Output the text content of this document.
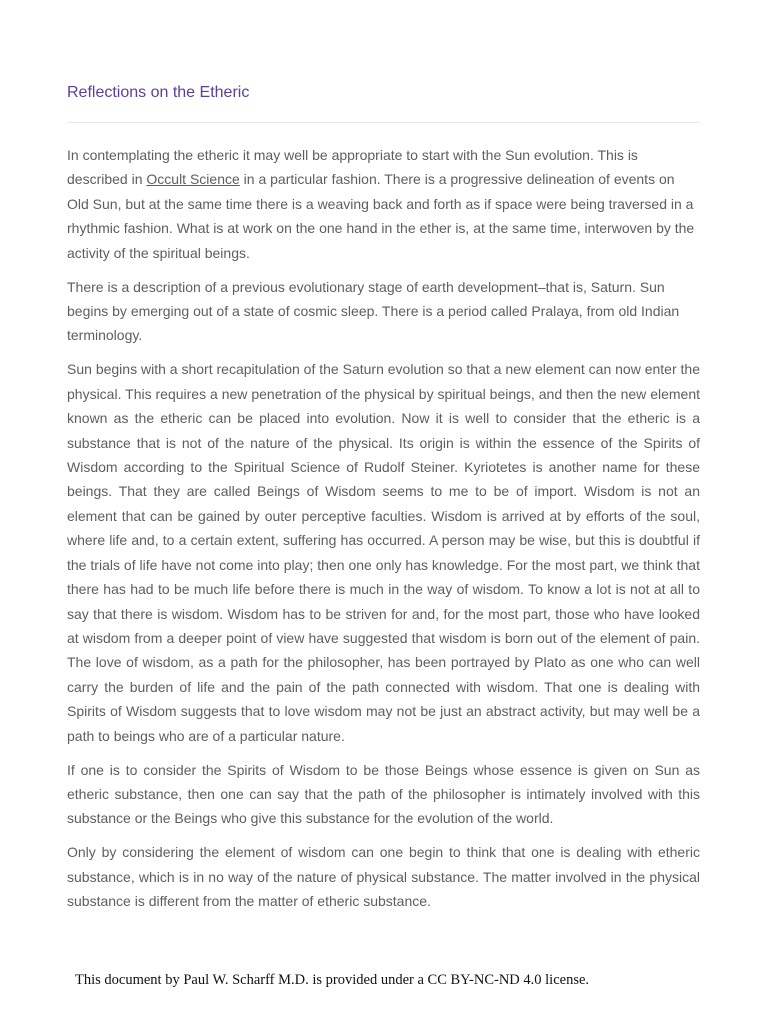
Reflections on the Etheric

In contemplating the etheric it may well be appropriate to start with the Sun evolution. This is described in Occult Science in a particular fashion. There is a progressive delineation of events on Old Sun, but at the same time there is a weaving back and forth as if space were being traversed in a rhythmic fashion. What is at work on the one hand in the ether is, at the same time, interwoven by the activity of the spiritual beings.

There is a description of a previous evolutionary stage of earth development–that is, Saturn. Sun begins by emerging out of a state of cosmic sleep. There is a period called Pralaya, from old Indian terminology.

Sun begins with a short recapitulation of the Saturn evolution so that a new element can now enter the physical. This requires a new penetration of the physical by spiritual beings, and then the new element known as the etheric can be placed into evolution. Now it is well to consider that the etheric is a substance that is not of the nature of the physical. Its origin is within the essence of the Spirits of Wisdom according to the Spiritual Science of Rudolf Steiner. Kyriotetes is another name for these beings. That they are called Beings of Wisdom seems to me to be of import. Wisdom is not an element that can be gained by outer perceptive faculties. Wisdom is arrived at by efforts of the soul, where life and, to a certain extent, suffering has occurred. A person may be wise, but this is doubtful if the trials of life have not come into play; then one only has knowledge. For the most part, we think that there has had to be much life before there is much in the way of wisdom. To know a lot is not at all to say that there is wisdom. Wisdom has to be striven for and, for the most part, those who have looked at wisdom from a deeper point of view have suggested that wisdom is born out of the element of pain. The love of wisdom, as a path for the philosopher, has been portrayed by Plato as one who can well carry the burden of life and the pain of the path connected with wisdom. That one is dealing with Spirits of Wisdom suggests that to love wisdom may not be just an abstract activity, but may well be a path to beings who are of a particular nature.

If one is to consider the Spirits of Wisdom to be those Beings whose essence is given on Sun as etheric substance, then one can say that the path of the philosopher is intimately involved with this substance or the Beings who give this substance for the evolution of the world.

Only by considering the element of wisdom can one begin to think that one is dealing with etheric substance, which is in no way of the nature of physical substance. The matter involved in the physical substance is different from the matter of etheric substance.

This document by Paul W. Scharff M.D. is provided under a CC BY-NC-ND 4.0 license.
